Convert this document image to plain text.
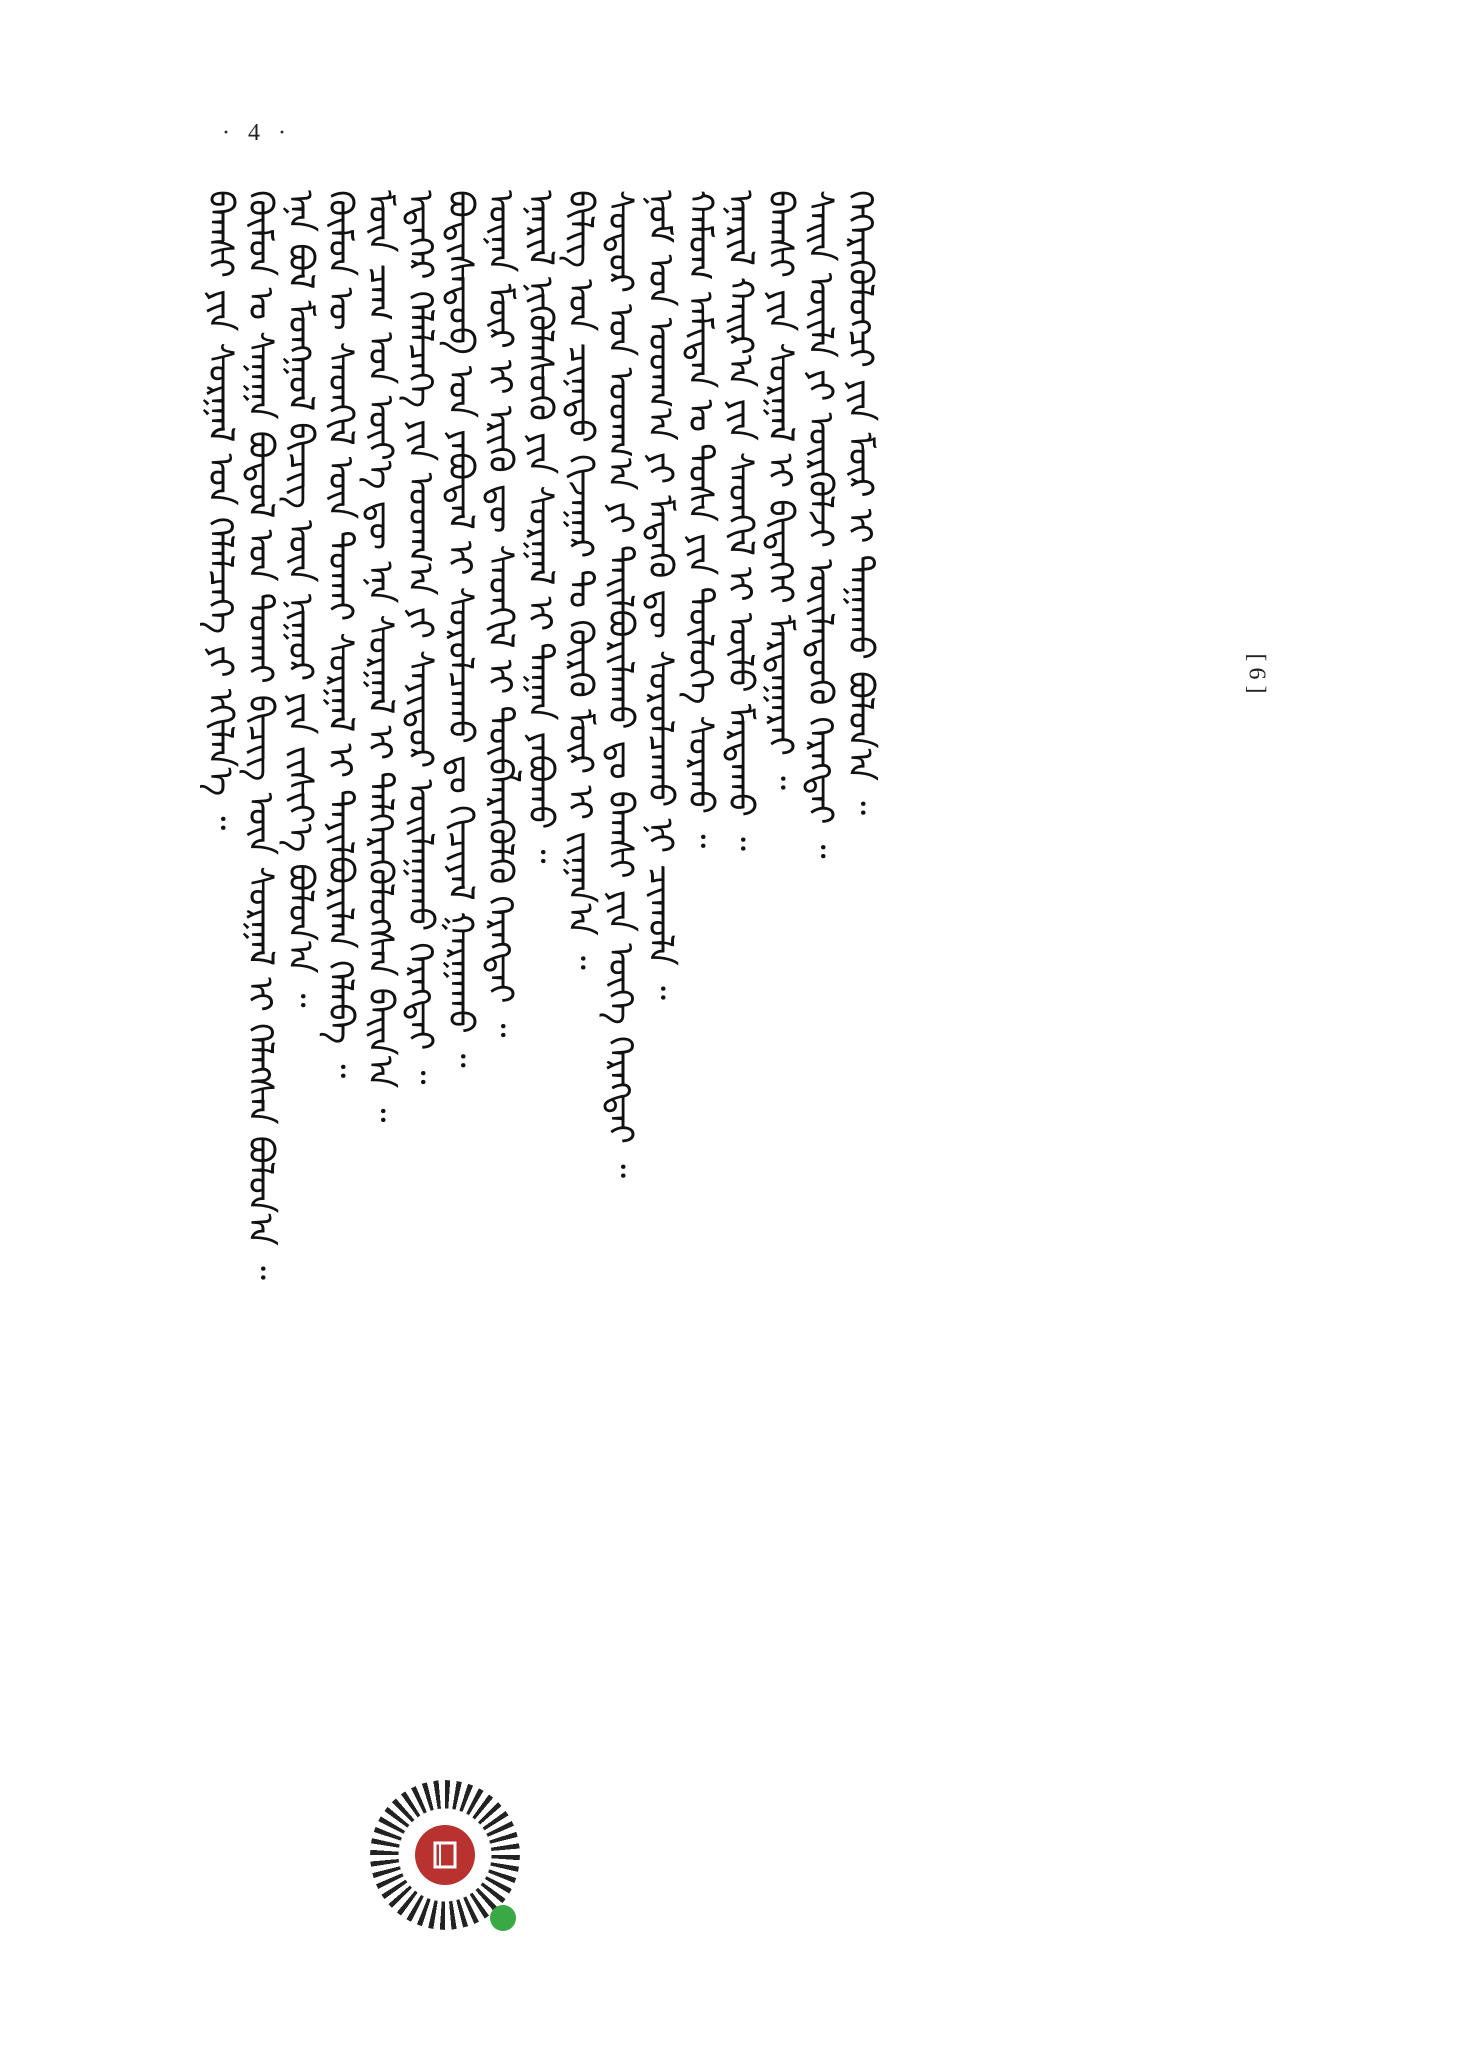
· 4 ·
[ 6 ]
ᠪᠠᠭᠰᠢ ᠶᠢᠨ ᠰᠤᠷᠭᠠᠯ ᠤᠨ ᠬᠡᠯᠡᠯᠴᠡᠭᠡ ᠶᠢ ᠡᠬᠢᠯᠡᠨ᠎ᠡ ᠃ ᠬᠦᠮᠦᠨ ᠤ ᠰᠠᠨᠠᠭᠠ ᠪᠣᠳᠤᠯ ᠤᠨ ᠲᠤᠬᠠᠢ ᠪᠢᠴᠢᠭ᠌ ᠦᠨ ᠰᠤᠷᠭᠠᠯ ᠢ ᠬᠡᠯᠡᠭᠰᠡᠨ ᠪᠤᠯᠤᠨ᠎ᠠ ᠃ ᠡᠨᠡ ᠪᠣᠯ ᠮᠣᠩᠭᠣᠯ ᠪᠢᠴᠢᠭ᠌ ᠦᠨ ᠨᠢᠭᠤᠷ ᠶᠢᠨ ᠵᠢᠱᠢᠶ᠎ᠡ ᠪᠣᠯᠤᠨ᠎ᠠ ᠃ ᠬᠦᠮᠦᠨ ᠦ ᠰᠡᠳᠬᠢᠯ ᠦᠨ ᠲᠤᠬᠠᠢ ᠰᠤᠷᠭᠠᠯ ᠢ ᠲᠠᠶᠢᠯᠪᠤᠷᠢᠯᠠᠨ ᠬᠡᠯᠡᠪᠡ ᠃ ᠮᠥᠨ ᠴᠠᠭ ᠤᠨ ᠦᠶ᠎ᠡ ᠳᠦ ᠡᠨᠡ ᠰᠤᠷᠭᠠᠯ ᠢ ᠳᠡᠯᠭᠡᠷᠡᠭᠦᠯᠦᠭᠰᠡᠨ ᠪᠠᠢᠨ᠎ᠠ ᠃ ᠡᠳᠡᠭᠡᠷ ᠬᠡᠯᠡᠯᠴᠡᠭᠡ ᠶᠢᠨ ᠤᠳᠬ᠎ᠠ ᠶᠢ ᠰᠠᠶᠢᠲᠤᠷ ᠤᠢᠯᠠᠭᠠᠬᠤ ᠬᠡᠷᠡᠭᠲᠡᠶ ᠃ ᠪᠣᠳᠢᠰᠠᠲᠤᠪ ᠤᠨ ᠶᠠᠪᠤᠳᠠᠯ ᠢ ᠰᠤᠷᠤᠯᠴᠠᠬᠤ ᠳᠤ ᠬᠢᠴᠢᠶᠡᠯ ᠭᠠᠷᠭᠠᠬᠤ ᠃ ᠦᠨᠡᠨ ᠮᠥᠷ ᠢ ᠡᠷᠢᠬᠦ ᠳᠦ ᠰᠡᠳᠬᠢᠯ ᠢ ᠲᠥᠪᠯᠡᠷᠡᠭᠦᠯᠬᠦ ᠬᠡᠷᠡᠭᠲᠡᠶ ᠃ ᠡᠨᠡᠷᠢᠯ ᠨᠢᠭᠦᠯᠡᠰᠦᠭᠦ ᠶᠢᠨ ᠰᠤᠷᠭᠠᠯ ᠢ ᠳᠠᠭᠠᠨ ᠶᠠᠪᠤᠬᠤ ᠃ ᠪᠢᠯᠢᠭ ᠤᠨ ᠴᠢᠨᠠᠳᠤ ᠬᠢᠵᠠᠭᠠᠷ ᠲᠤ ᠬᠦᠷᠬᠦ ᠮᠥᠷ ᠢ ᠵᠢᠭᠠᠨ᠎ᠠ ᠃ ᠰᠤᠳᠤᠷ ᠤᠨ ᠤᠳᠬ᠎ᠠ ᠶᠢ ᠲᠠᠢᠯᠪᠤᠷᠢᠯᠠᠬᠤ ᠳᠤ ᠪᠠᠭᠰᠢ ᠶᠢᠨ ᠦᠭᠡ ᠬᠡᠷᠡᠭᠲᠡᠶ ᠃ ᠨᠣᠮ ᠤᠨ ᠤᠳᠬ᠎ᠠ ᠶᠢ ᠮᠡᠳᠡᠬᠦ ᠳᠦ ᠰᠤᠷᠤᠯᠴᠠᠬᠤ ᠨᠢ ᠴᠢᠬᠤᠯᠠ ᠃ ᠬᠠᠮᠤᠭ ᠠᠮᠢᠳᠠᠨ ᠤ ᠲᠤᠰᠠ ᠶᠢᠨ ᠲᠥᠯᠥᠭᠡ ᠰᠤᠷᠬᠤ ᠃ ᠡᠨᠡᠷᠢᠯ ᠬᠠᠢᠷ᠎ᠠ ᠶᠢᠨ ᠰᠡᠳᠬᠢᠯ ᠢ ᠦᠯᠦ ᠮᠠᠷᠳᠠᠬᠤ ᠃ ᠪᠠᠭᠰᠢ ᠶᠢᠨ ᠰᠤᠷᠭᠠᠯ ᠢ ᠪᠢᠲᠡᠭᠡᠢ ᠮᠠᠷᠳᠠᠭᠠᠷᠠᠢ ᠃ ᠰᠠᠢᠨ ᠦᠢᠯᠡ ᠶᠢ ᠦᠷᠭᠦᠯᠵᠢ ᠦᠢᠯᠡᠳᠦᠬᠦ ᠬᠡᠷᠡᠭᠲᠡᠶ ᠃ ᠭᠡᠭᠡᠷᠡᠭᠦᠯᠦᠭᠴᠢ ᠶᠢᠨ ᠮᠥᠷ ᠢ ᠳᠠᠭᠠᠬᠤ ᠪᠣᠯᠤᠨ᠎ᠠ ᠃
